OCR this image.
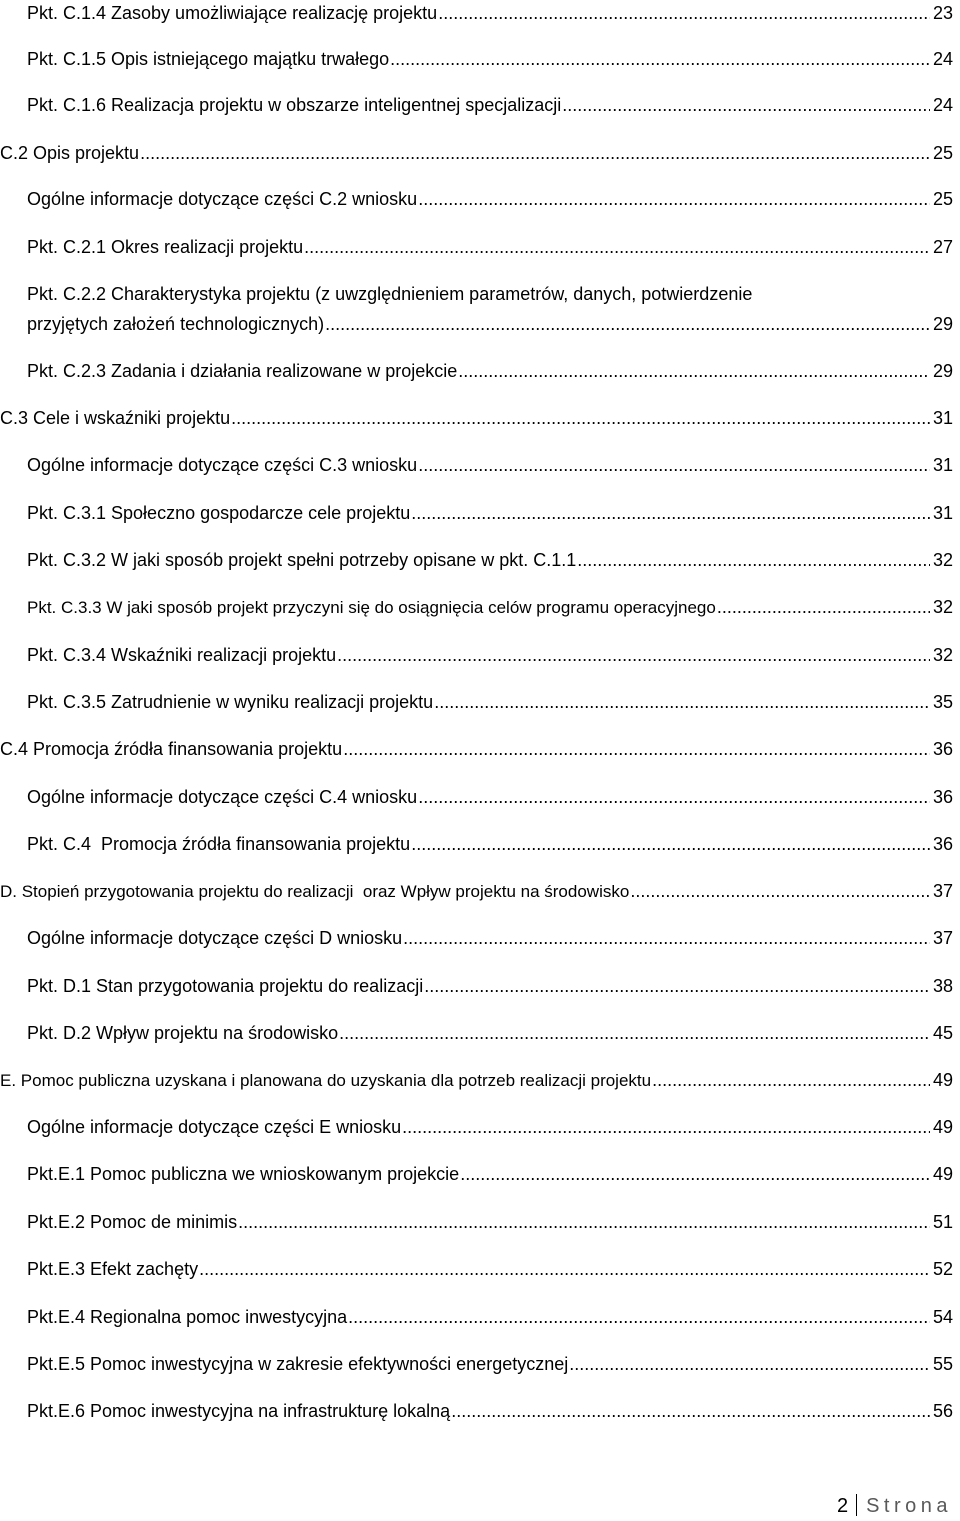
Pkt. C.1.4 Zasoby umożliwiające realizację projektu .....	23
Pkt. C.1.5 Opis istniejącego majątku trwałego .....	24
Pkt. C.1.6 Realizacja projektu w obszarze inteligentnej specjalizacji .....	24
C.2 Opis projektu .....	25
Ogólne informacje dotyczące części C.2 wniosku .....	25
Pkt. C.2.1 Okres realizacji projektu .....	27
Pkt. C.2.2 Charakterystyka projektu (z uwzględnieniem parametrów, danych, potwierdzenie
przyjętych założeń technologicznych) .....	29
Pkt. C.2.3 Zadania i działania realizowane w projekcie .....	29
C.3 Cele i wskaźniki projektu .....	31
Ogólne informacje dotyczące części C.3 wniosku .....	31
Pkt. C.3.1 Społeczno gospodarcze cele projektu .....	31
Pkt. C.3.2 W jaki sposób projekt spełni potrzeby opisane w pkt. C.1.1 .....	32
Pkt. C.3.3 W jaki sposób projekt przyczyni się do osiągnięcia celów programu operacyjnego .....	32
Pkt. C.3.4 Wskaźniki realizacji projektu .....	32
Pkt. C.3.5 Zatrudnienie w wyniku realizacji projektu .....	35
C.4 Promocja źródła finansowania projektu .....	36
Ogólne informacje dotyczące części C.4 wniosku .....	36
Pkt. C.4  Promocja źródła finansowania projektu .....	36
D. Stopień przygotowania projektu do realizacji  oraz Wpływ projektu na środowisko .....	37
Ogólne informacje dotyczące części D wniosku .....	37
Pkt. D.1 Stan przygotowania projektu do realizacji .....	38
Pkt. D.2 Wpływ projektu na środowisko .....	45
E. Pomoc publiczna uzyskana i planowana do uzyskania dla potrzeb realizacji projektu .....	49
Ogólne informacje dotyczące części E wniosku .....	49
Pkt.E.1 Pomoc publiczna we wnioskowanym projekcie .....	49
Pkt.E.2 Pomoc de minimis .....	51
Pkt.E.3 Efekt zachęty .....	52
Pkt.E.4 Regionalna pomoc inwestycyjna .....	54
Pkt.E.5 Pomoc inwestycyjna w zakresie efektywności energetycznej .....	55
Pkt.E.6 Pomoc inwestycyjna na infrastrukturę lokalną .....	56
2 Strona
